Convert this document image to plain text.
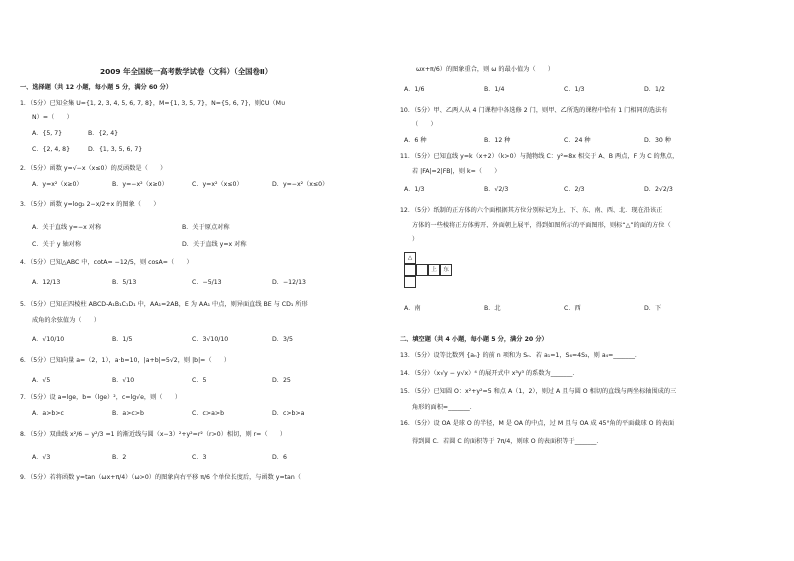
2009 年全国统一高考数学试卷（文科）（全国卷Ⅱ）
一、选择题（共 12 小题，每小题 5 分，满分 60 分）
1．（5分）已知全集 U={1, 2, 3, 4, 5, 6, 7, 8}，M={1, 3, 5, 7}，N={5, 6, 7}，则∁U（M∪
N）=（　　）
A．{5, 7}	B．{2, 4}
C．{2, 4, 8}	D．{1, 3, 5, 6, 7}
2．（5分）函数 y=√−x（x≤0）的反函数是（　　）
A．y=x²（x≥0）	B．y=−x²（x≥0）	C．y=x²（x≤0）	D．y=−x²（x≤0）
3．（5分）函数 y=log₂ 2−x/2+x 的图象（　　）
A．关于直线 y=−x 对称	B．关于原点对称
C．关于 y 轴对称	D．关于直线 y=x 对称
4．（5分）已知△ABC 中，cotA= −12/5，则 cosA=（　　）
A．12/13	B．5/13	C．−5/13	D．−12/13
5．（5分）已知正四棱柱 ABCD-A₁B₁C₁D₁ 中，AA₁=2AB，E 为 AA₁ 中点，则异面直线 BE 与 CD₁ 所形
成角的余弦值为（　　）
A．√10/10	B．1/5	C．3√10/10	D．3/5
6．（5分）已知向量 a=（2，1），a·b=10，|a+b|=5√2，则 |b|=（　　）
A．√5	B．√10	C．5	D．25
7．（5分）设 a=lge，b=（lge）²，c=lg√e，则（　　）
A．a>b>c	B．a>c>b	C．c>a>b	D．c>b>a
8．（5分）双曲线 x²/6 − y²/3 =1 的渐近线与圆（x−3）²+y²=r²（r>0）相切，则 r=（　　）
A．√3	B．2	C．3	D．6
9．（5分）若将函数 y=tan（ωx+π/4）（ω>0）的图象向右平移 π/6 个单位长度后，与函数 y=tan（
ωx+π/6）的图象重合，则 ω 的最小值为（　　）
A．1/6	B．1/4	C．1/3	D．1/2
10．（5分）甲、乙两人从 4 门课程中各选修 2 门，则甲、乙所选的课程中恰有 1 门相同的选法有
（　　）
A．6 种	B．12 种	C．24 种	D．30 种
11．（5分）已知直线 y=k（x+2）（k>0）与抛物线 C：y²=8x 相交于 A、B 两点，F 为 C 的焦点，
若 |FA|=2|FB|，则 k=（　　）
A．1/3	B．√2/3	C．2/3	D．2√2/3
12．（5分）纸制的正方体的六个面根据其方位分别标记为上、下、东、南、西、北．现在沿该正
方体的一些棱将正方体剪开、外面朝上展平，得到如图所示的平面图形，则标“△”的面的方位（
）
△
上	东
A．南	B．北	C．西	D．下
二、填空题（共 4 小题，每小题 5 分，满分 20 分）
13．（5分）设等比数列 {aₙ} 的前 n 项和为 Sₙ．若 a₁=1，S₆=4S₃，则 a₄=_______．
14．（5分）（x√y − y√x）⁴ 的展开式中 x³y³ 的系数为_______．
15．（5分）已知圆 O：x²+y²=5 和点 A（1，2），则过 A 且与圆 O 相切的直线与两坐标轴围成的三
角形的面积=_______．
16．（5分）设 OA 是球 O 的半径，M 是 OA 的中点，过 M 且与 OA 成 45°角的平面截球 O 的表面
得到圆 C．若圆 C 的面积等于 7π/4，则球 O 的表面积等于_______．
